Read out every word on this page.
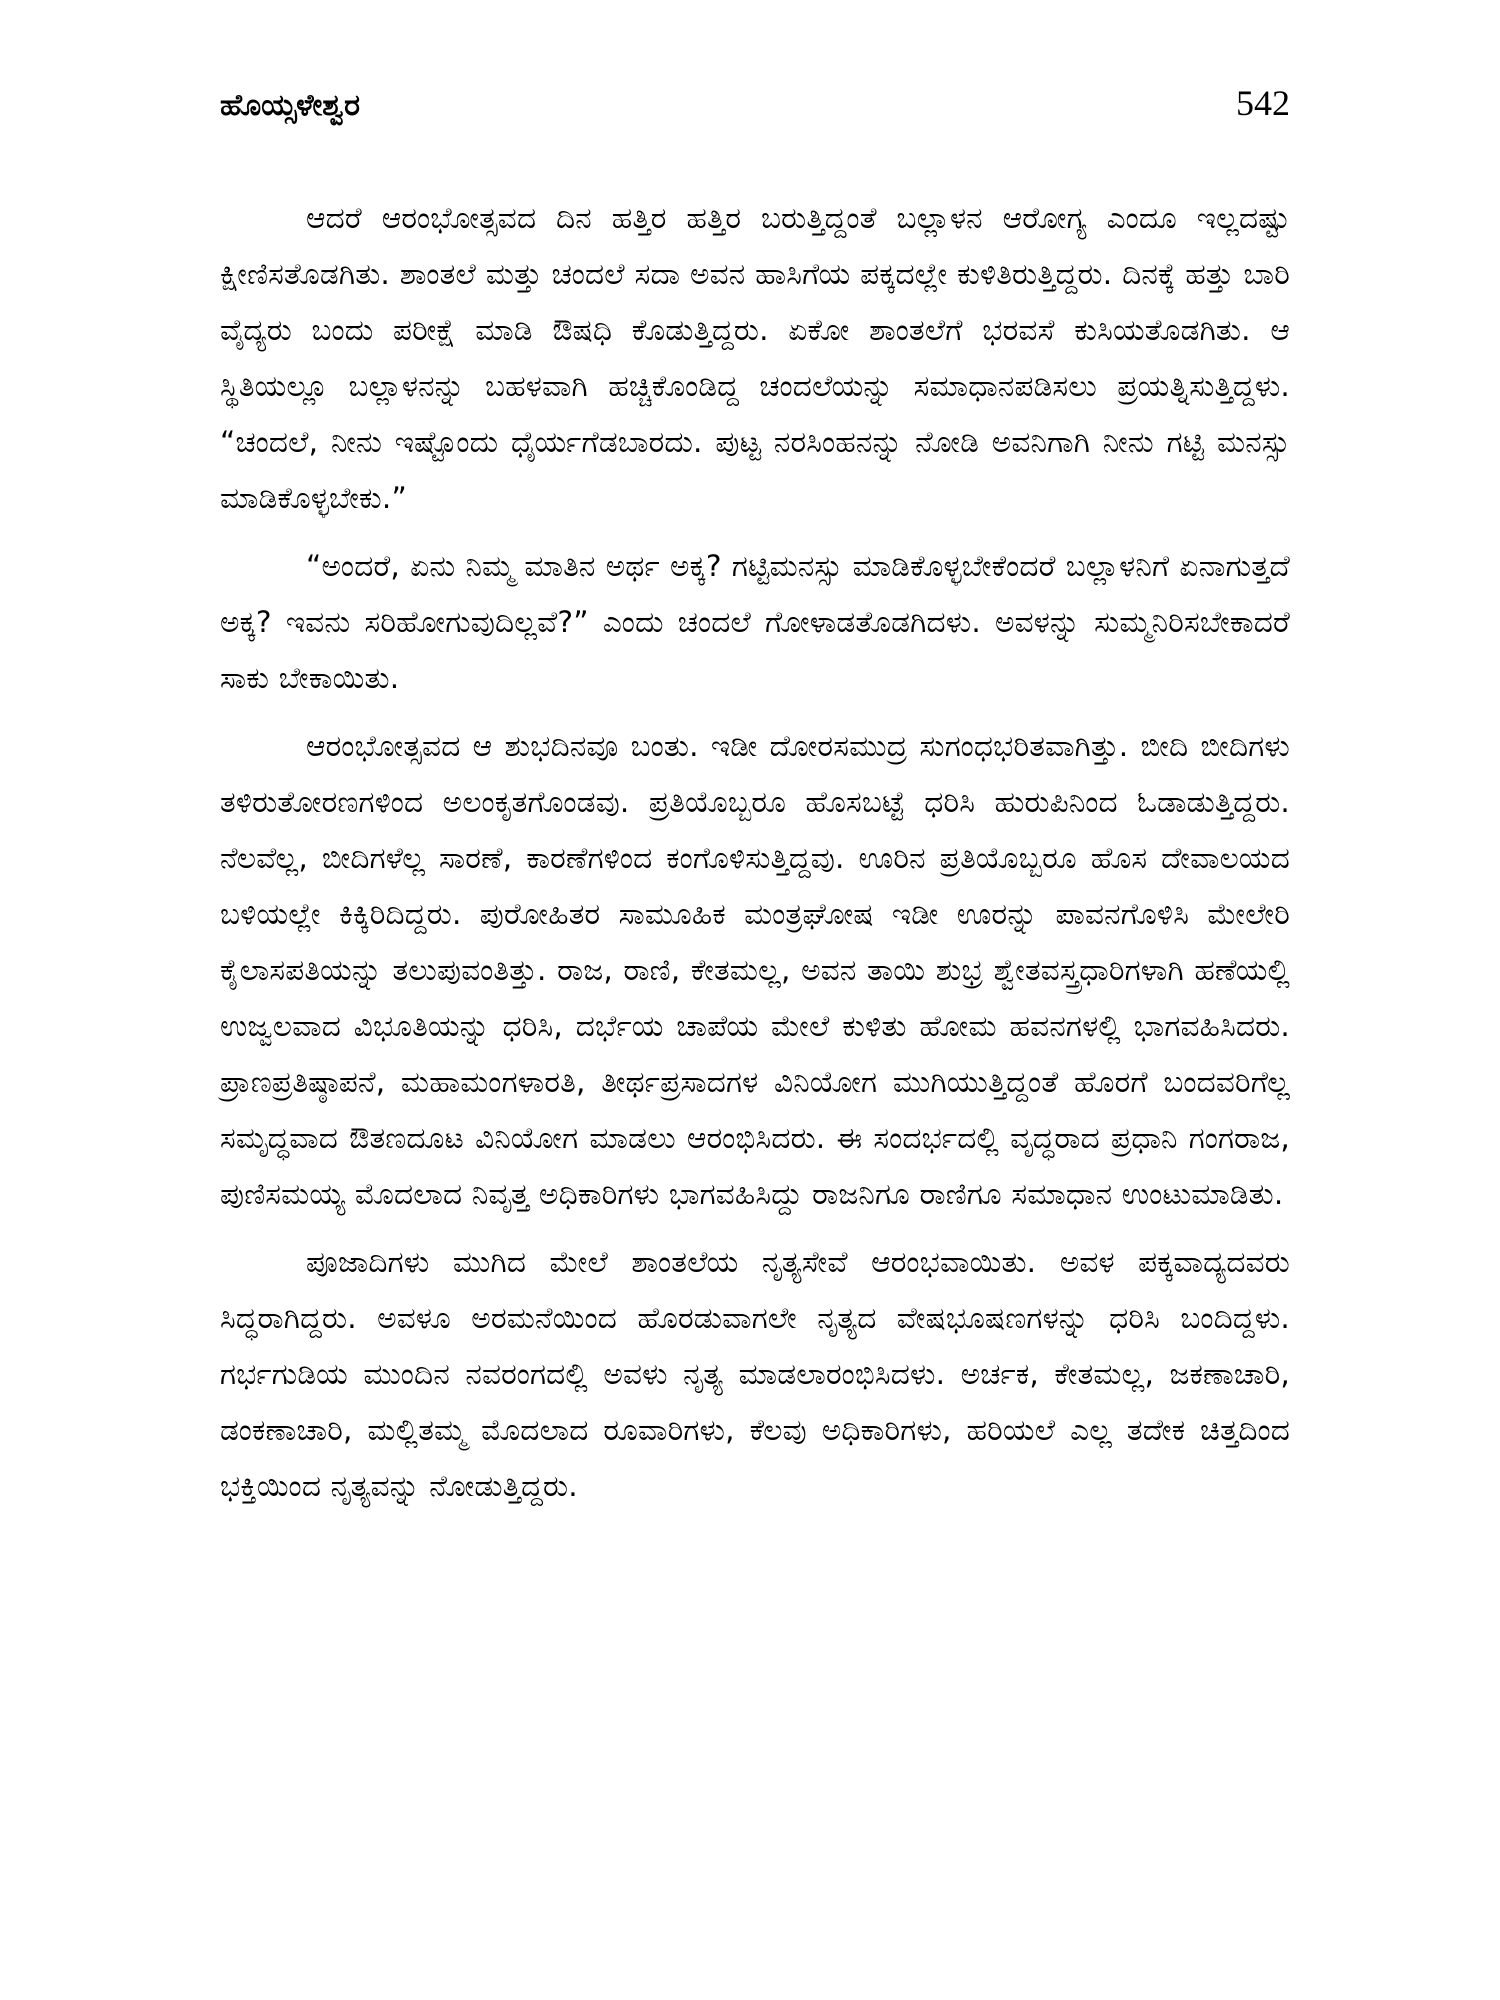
ಹೊಯ್ಸಳೇಶ್ವರ	542

ಆದರೆ ಆರಂಭೋತ್ಸವದ ದಿನ ಹತ್ತಿರ ಹತ್ತಿರ ಬರುತ್ತಿದ್ದಂತೆ ಬಲ್ಲಾಳನ ಆರೋಗ್ಯ ಎಂದೂ ಇಲ್ಲದಷ್ಟು ಕ್ಷೀಣಿಸತೊಡಗಿತು. ಶಾಂತಲೆ ಮತ್ತು ಚಂದಲೆ ಸದಾ ಅವನ ಹಾಸಿಗೆಯ ಪಕ್ಕದಲ್ಲೇ ಕುಳಿತಿರುತ್ತಿದ್ದರು. ದಿನಕ್ಕೆ ಹತ್ತು ಬಾರಿ ವೈದ್ಯರು ಬಂದು ಪರೀಕ್ಷೆ ಮಾಡಿ ಔಷಧಿ ಕೊಡುತ್ತಿದ್ದರು. ಏಕೋ ಶಾಂತಲೆಗೆ ಭರವಸೆ ಕುಸಿಯತೊಡಗಿತು. ಆ ಸ್ಥಿತಿಯಲ್ಲೂ ಬಲ್ಲಾಳನನ್ನು ಬಹಳವಾಗಿ ಹಚ್ಚಿಕೊಂಡಿದ್ದ ಚಂದಲೆಯನ್ನು ಸಮಾಧಾನಪಡಿಸಲು ಪ್ರಯತ್ನಿಸುತ್ತಿದ್ದಳು. “ಚಂದಲೆ, ನೀನು ಇಷ್ಟೊಂದು ಧೈರ್ಯಗೆಡಬಾರದು. ಪುಟ್ಟ ನರಸಿಂಹನನ್ನು ನೋಡಿ ಅವನಿಗಾಗಿ ನೀನು ಗಟ್ಟಿ ಮನಸ್ಸು ಮಾಡಿಕೊಳ್ಳಬೇಕು.”

“ಅಂದರೆ, ಏನು ನಿಮ್ಮ ಮಾತಿನ ಅರ್ಥ ಅಕ್ಕ? ಗಟ್ಟಿಮನಸ್ಸು ಮಾಡಿಕೊಳ್ಳಬೇಕೆಂದರೆ ಬಲ್ಲಾಳನಿಗೆ ಏನಾಗುತ್ತದೆ ಅಕ್ಕ? ಇವನು ಸರಿಹೋಗುವುದಿಲ್ಲವೆ?” ಎಂದು ಚಂದಲೆ ಗೋಳಾಡತೊಡಗಿದಳು. ಅವಳನ್ನು ಸುಮ್ಮನಿರಿಸಬೇಕಾದರೆ ಸಾಕು ಬೇಕಾಯಿತು.

ಆರಂಭೋತ್ಸವದ ಆ ಶುಭದಿನವೂ ಬಂತು. ಇಡೀ ದೋರಸಮುದ್ರ ಸುಗಂಧಭರಿತವಾಗಿತ್ತು. ಬೀದಿ ಬೀದಿಗಳು ತಳಿರುತೋರಣಗಳಿಂದ ಅಲಂಕೃತಗೊಂಡವು. ಪ್ರತಿಯೊಬ್ಬರೂ ಹೊಸಬಟ್ಟೆ ಧರಿಸಿ ಹುರುಪಿನಿಂದ ಓಡಾಡುತ್ತಿದ್ದರು. ನೆಲವೆಲ್ಲ, ಬೀದಿಗಳೆಲ್ಲ ಸಾರಣೆ, ಕಾರಣೆಗಳಿಂದ ಕಂಗೊಳಿಸುತ್ತಿದ್ದವು. ಊರಿನ ಪ್ರತಿಯೊಬ್ಬರೂ ಹೊಸ ದೇವಾಲಯದ ಬಳಿಯಲ್ಲೇ ಕಿಕ್ಕಿರಿದಿದ್ದರು. ಪುರೋಹಿತರ ಸಾಮೂಹಿಕ ಮಂತ್ರಘೋಷ ಇಡೀ ಊರನ್ನು ಪಾವನಗೊಳಿಸಿ ಮೇಲೇರಿ ಕೈಲಾಸಪತಿಯನ್ನು ತಲುಪುವಂತಿತ್ತು. ರಾಜ, ರಾಣಿ, ಕೇತಮಲ್ಲ, ಅವನ ತಾಯಿ ಶುಭ್ರ ಶ್ವೇತವಸ್ತ್ರಧಾರಿಗಳಾಗಿ ಹಣೆಯಲ್ಲಿ ಉಜ್ವಲವಾದ ವಿಭೂತಿಯನ್ನು ಧರಿಸಿ, ದರ್ಭೆಯ ಚಾಪೆಯ ಮೇಲೆ ಕುಳಿತು ಹೋಮ ಹವನಗಳಲ್ಲಿ ಭಾಗವಹಿಸಿದರು. ಪ್ರಾಣಪ್ರತಿಷ್ಠಾಪನೆ, ಮಹಾಮಂಗಳಾರತಿ, ತೀರ್ಥಪ್ರಸಾದಗಳ ವಿನಿಯೋಗ ಮುಗಿಯುತ್ತಿದ್ದಂತೆ ಹೊರಗೆ ಬಂದವರಿಗೆಲ್ಲ ಸಮೃದ್ಧವಾದ ಔತಣದೂಟ ವಿನಿಯೋಗ ಮಾಡಲು ಆರಂಭಿಸಿದರು. ಈ ಸಂದರ್ಭದಲ್ಲಿ ವೃದ್ಧರಾದ ಪ್ರಧಾನಿ ಗಂಗರಾಜ, ಪುಣಿಸಮಯ್ಯ ಮೊದಲಾದ ನಿವೃತ್ತ ಅಧಿಕಾರಿಗಳು ಭಾಗವಹಿಸಿದ್ದು ರಾಜನಿಗೂ ರಾಣಿಗೂ ಸಮಾಧಾನ ಉಂಟುಮಾಡಿತು.

ಪೂಜಾದಿಗಳು ಮುಗಿದ ಮೇಲೆ ಶಾಂತಲೆಯ ನೃತ್ಯಸೇವೆ ಆರಂಭವಾಯಿತು. ಅವಳ ಪಕ್ಕವಾದ್ಯದವರು ಸಿದ್ಧರಾಗಿದ್ದರು. ಅವಳೂ ಅರಮನೆಯಿಂದ ಹೊರಡುವಾಗಲೇ ನೃತ್ಯದ ವೇಷಭೂಷಣಗಳನ್ನು ಧರಿಸಿ ಬಂದಿದ್ದಳು. ಗರ್ಭಗುಡಿಯ ಮುಂದಿನ ನವರಂಗದಲ್ಲಿ ಅವಳು ನೃತ್ಯ ಮಾಡಲಾರಂಭಿಸಿದಳು. ಅರ್ಚಕ, ಕೇತಮಲ್ಲ, ಜಕಣಾಚಾರಿ, ಡಂಕಣಾಚಾರಿ, ಮಲ್ಲಿತಮ್ಮ ಮೊದಲಾದ ರೂವಾರಿಗಳು, ಕೆಲವು ಅಧಿಕಾರಿಗಳು, ಹರಿಯಲೆ ಎಲ್ಲ ತದೇಕ ಚಿತ್ತದಿಂದ ಭಕ್ತಿಯಿಂದ ನೃತ್ಯವನ್ನು ನೋಡುತ್ತಿದ್ದರು.
